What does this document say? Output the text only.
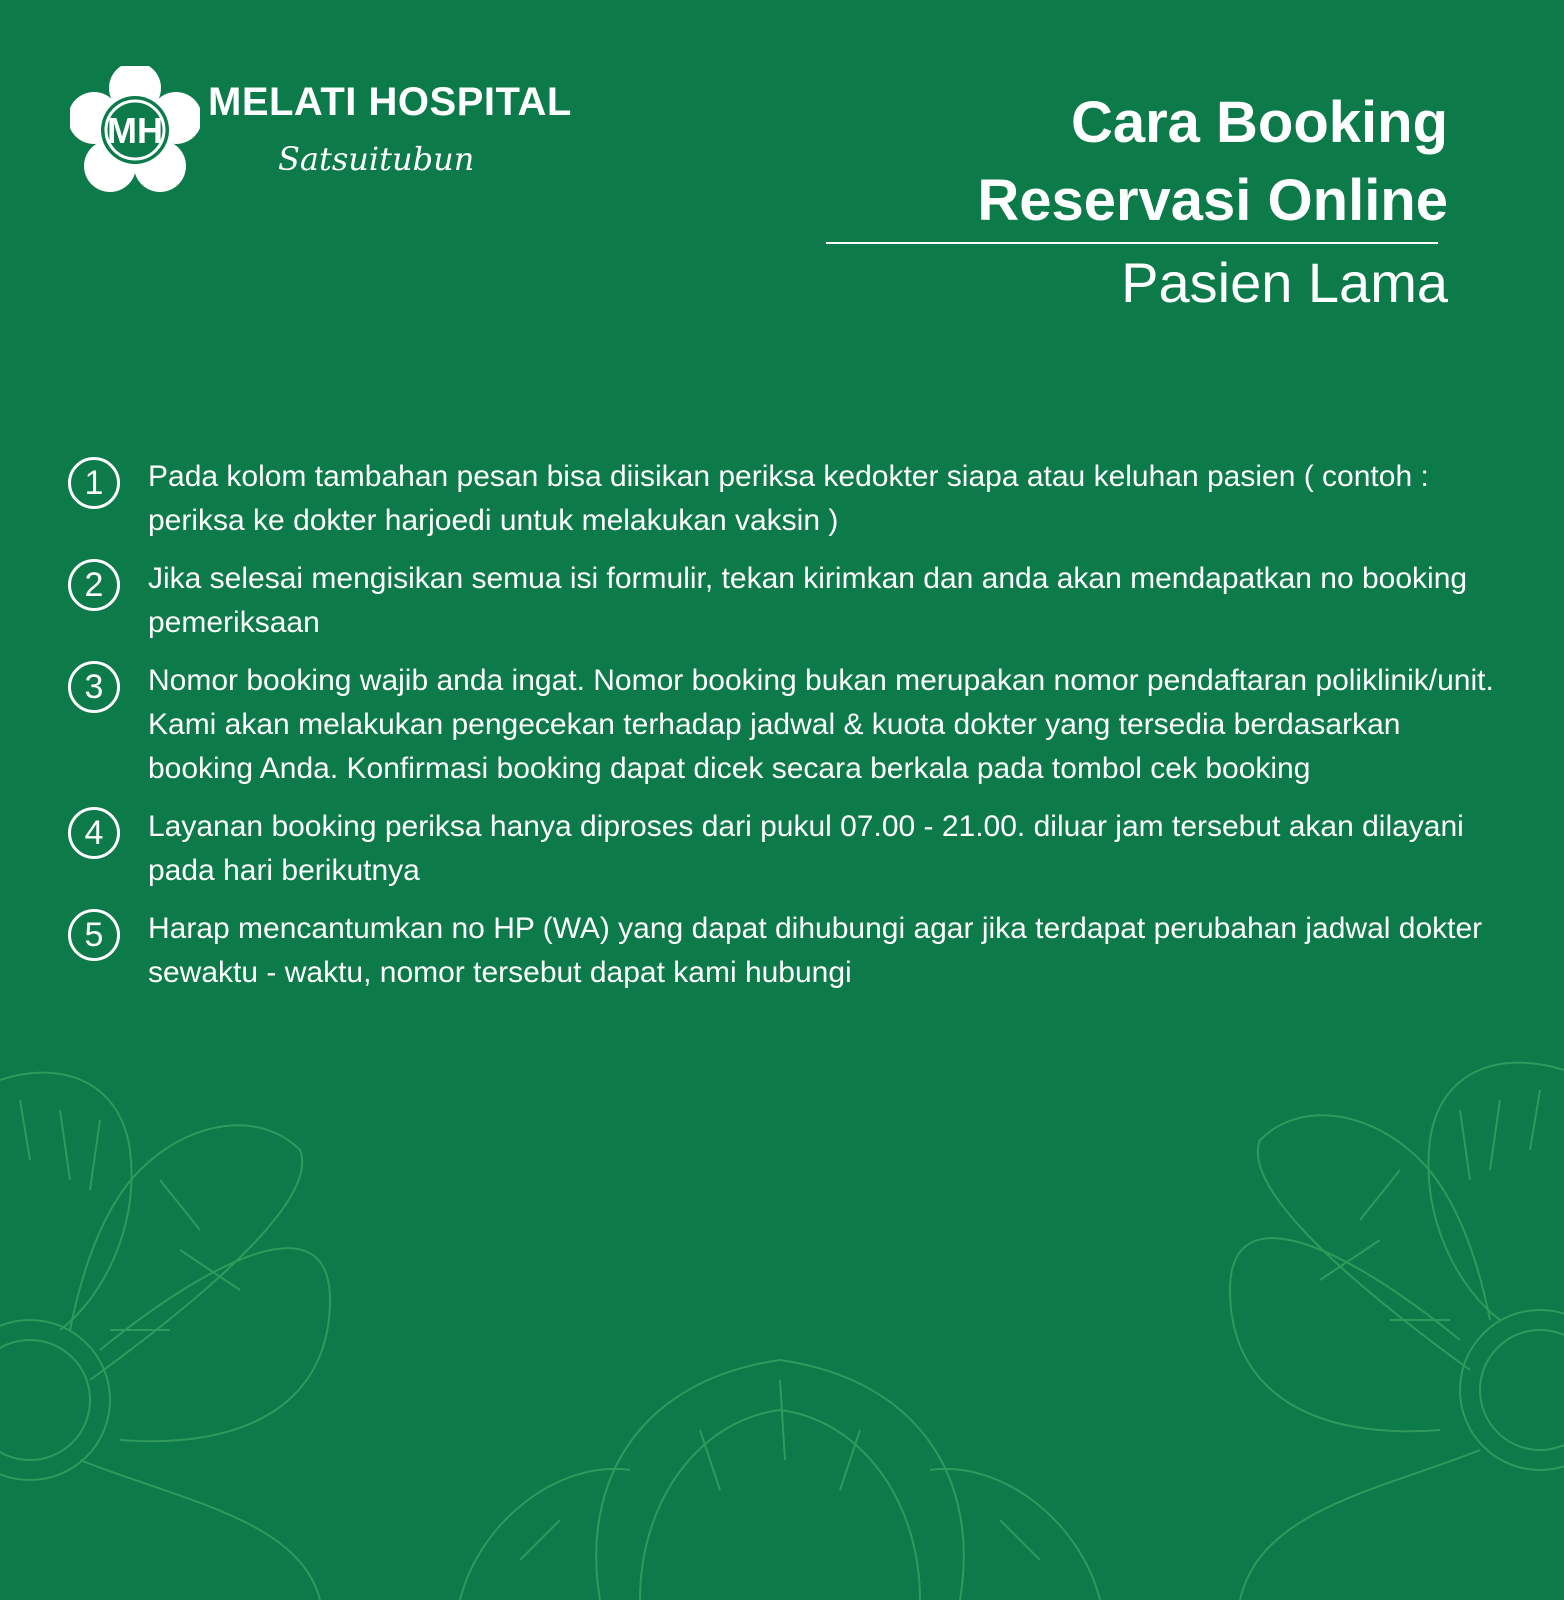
MH
MELATI HOSPITAL
Satsuitubun
Cara Booking
Reservasi Online
Pasien Lama
1	Pada kolom tambahan pesan bisa diisikan periksa kedokter siapa atau keluhan pasien ( contoh : periksa ke dokter harjoedi untuk melakukan vaksin )
2	Jika selesai mengisikan semua isi formulir, tekan kirimkan dan anda akan mendapatkan no booking pemeriksaan
3	Nomor booking wajib anda ingat. Nomor booking bukan merupakan nomor pendaftaran poliklinik/unit. Kami akan melakukan pengecekan terhadap jadwal & kuota dokter yang tersedia berdasarkan booking Anda. Konfirmasi booking dapat dicek secara berkala pada tombol cek booking
4	Layanan booking periksa hanya diproses dari pukul 07.00 - 21.00. diluar jam tersebut akan dilayani pada hari berikutnya
5	Harap mencantumkan no HP (WA) yang dapat dihubungi agar jika terdapat perubahan jadwal dokter sewaktu - waktu, nomor tersebut dapat kami hubungi
